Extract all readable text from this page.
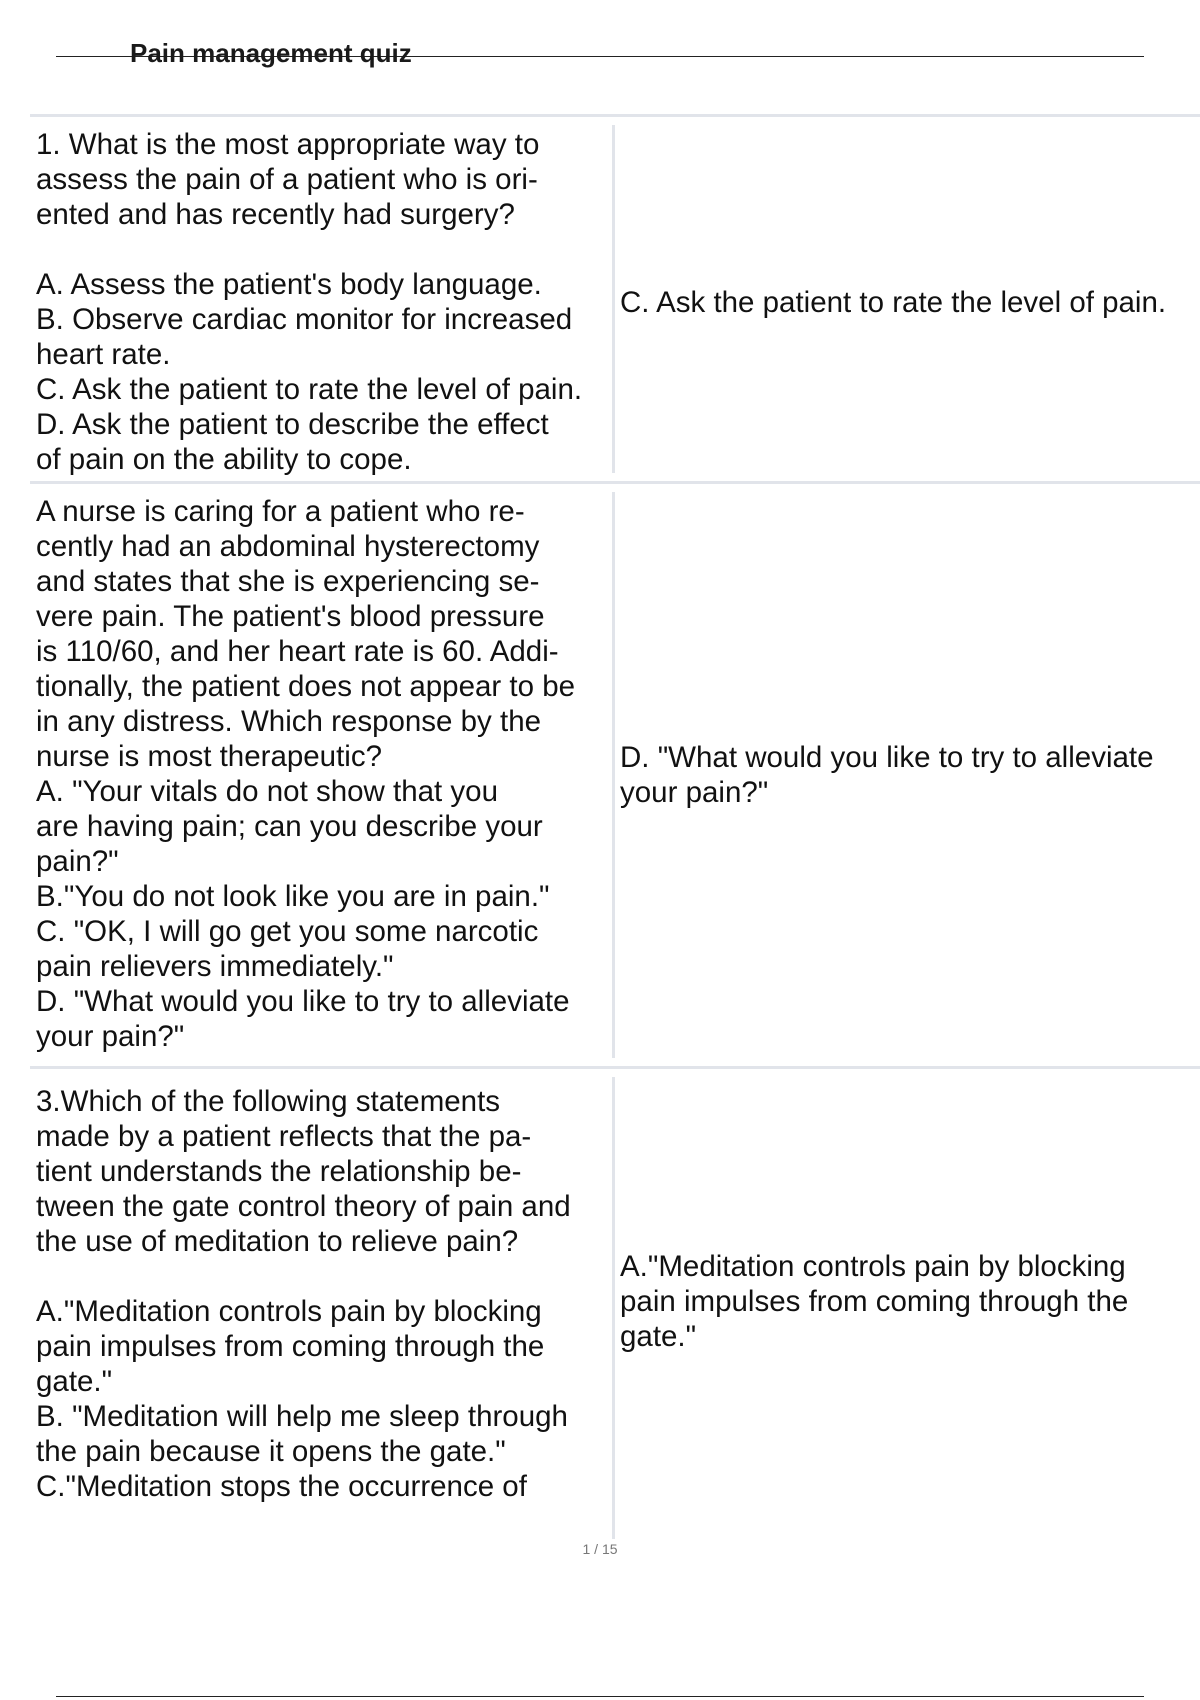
Pain management quiz

1. What is the most appropriate way to

assess the pain of a patient who is ori-

ented and has recently had surgery?

A. Assess the patient's body language.

B. Observe cardiac monitor for increased

heart rate.

C. Ask the patient to rate the level of pain.

D. Ask the patient to describe the effect

of pain on the ability to cope.

C. Ask the patient to rate the level of pain.

A nurse is caring for a patient who re-

cently had an abdominal hysterectomy

and states that she is experiencing se-

vere pain. The patient's blood pressure

is 110/60, and her heart rate is 60. Addi-

tionally, the patient does not appear to be

in any distress. Which response by the

nurse is most therapeutic?

A. "Your vitals do not show that you

are having pain; can you describe your

pain?"

B."You do not look like you are in pain."

C. "OK, I will go get you some narcotic

pain relievers immediately."

D. "What would you like to try to alleviate

your pain?"

D. "What would you like to try to alleviate

your pain?"

3.Which of the following statements

made by a patient reflects that the pa-

tient understands the relationship be-

tween the gate control theory of pain and

the use of meditation to relieve pain?

A."Meditation controls pain by blocking

pain impulses from coming through the

gate."

B. "Meditation will help me sleep through

the pain because it opens the gate."

C."Meditation stops the occurrence of

A."Meditation controls pain by blocking

pain impulses from coming through the

gate."

1 / 15
